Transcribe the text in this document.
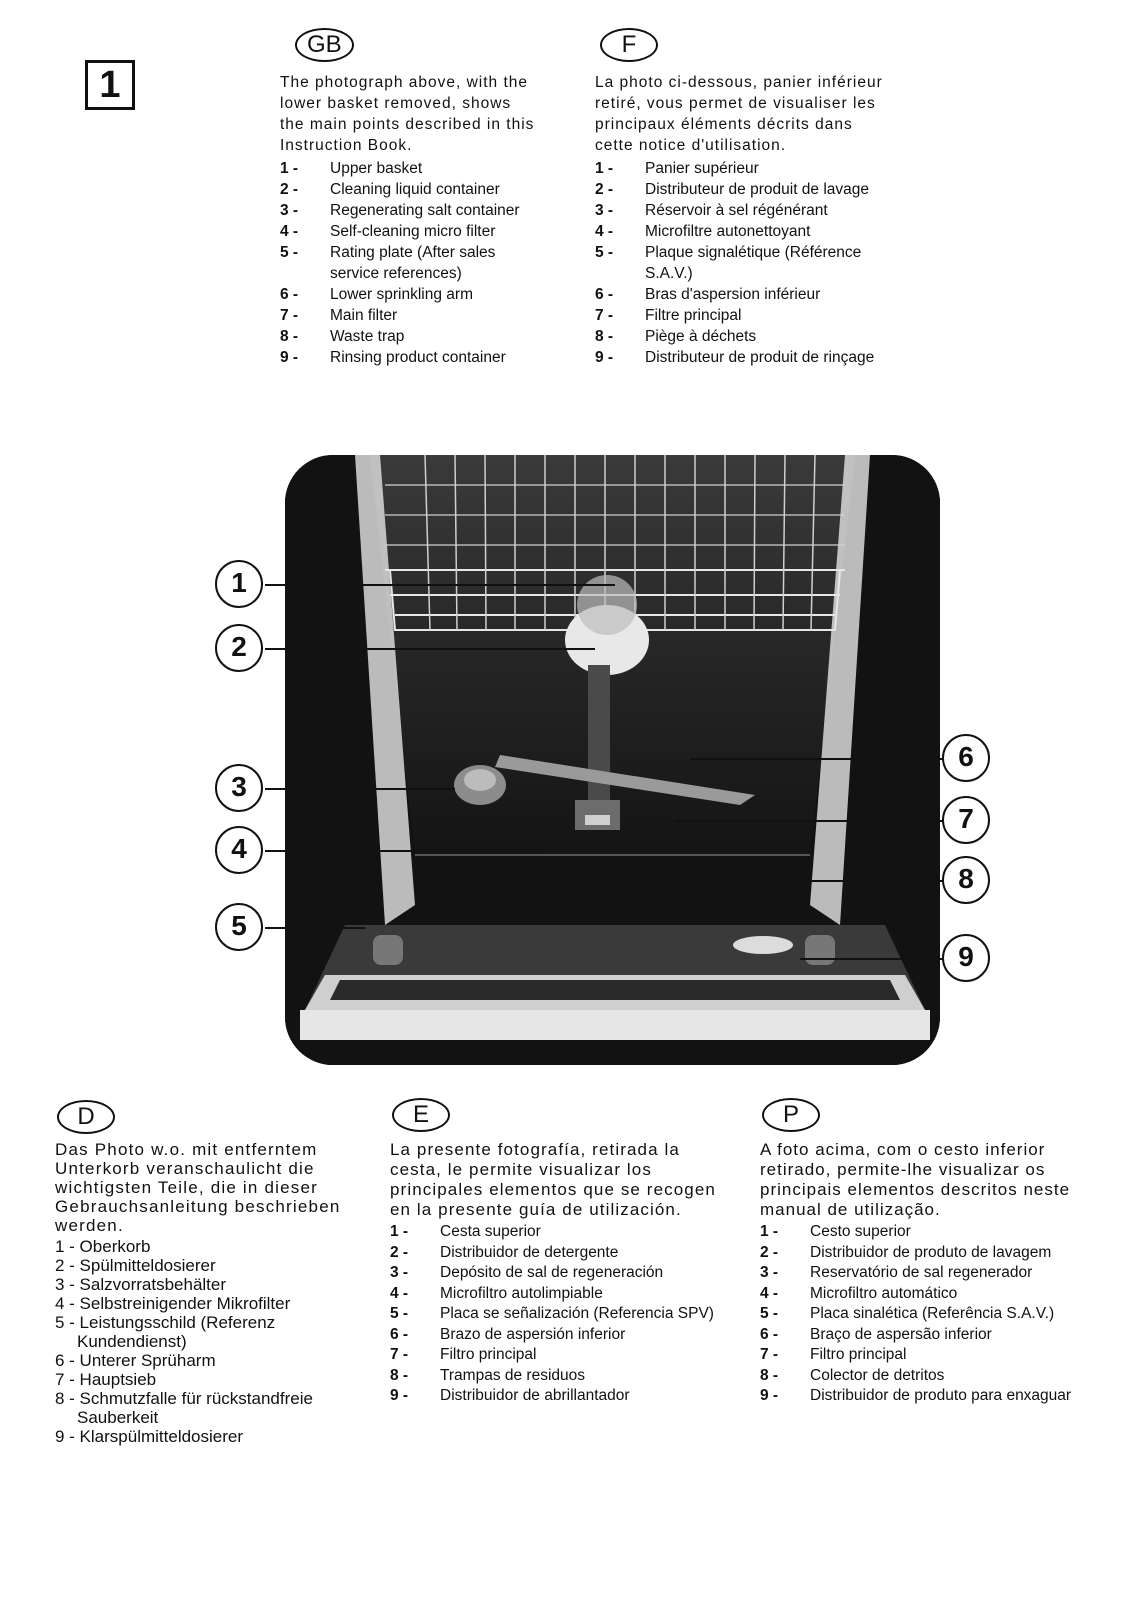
1
GB

The photograph above, with the lower basket removed, shows the main points described in this Instruction Book.

1 -	Upper basket
2 -	Cleaning liquid container
3 -	Regenerating salt container
4 -	Self-cleaning micro filter
5 -	Rating plate (After sales service references)
6 -	Lower sprinkling arm
7 -	Main filter
8 -	Waste trap
9 -	Rinsing product container
F

La photo ci-dessous, panier inférieur retiré, vous permet de visualiser les principaux éléments décrits dans cette notice d'utilisation.

1 -	Panier supérieur
2 -	Distributeur de produit de lavage
3 -	Réservoir à sel régénérant
4 -	Microfiltre autonettoyant
5 -	Plaque signalétique (Référence S.A.V.)
6 -	Bras d'aspersion inférieur
7 -	Filtre principal
8 -	Piège à déchets
9 -	Distributeur de produit de rinçage
1
2
3
4
5
6
7
8
9
D

Das Photo w.o. mit entferntem Unterkorb veranschaulicht die wichtigsten Teile, die in dieser Gebrauchsanleitung beschrieben werden.

1 - Oberkorb
2 - Spülmitteldosierer
3 - Salzvorratsbehälter
4 - Selbstreinigender Mikrofilter
5 - Leistungsschild (Referenz
Kundendienst)
6 - Unterer Sprüharm
7 - Hauptsieb
8 - Schmutzfalle für rückstandfreie
Sauberkeit
9 - Klarspülmitteldosierer
E

La presente fotografía, retirada la cesta, le permite visualizar los principales elementos que se recogen en la presente guía de utilización.

1 -	Cesta superior
2 -	Distribuidor de detergente
3 -	Depósito de sal de regeneración
4 -	Microfiltro autolimpiable
5 -	Placa se señalización (Referencia SPV)
6 -	Brazo de aspersión inferior
7 -	Filtro principal
8 -	Trampas de residuos
9 -	Distribuidor de abrillantador
P

A foto acima, com o cesto inferior retirado, permite-lhe visualizar os principais elementos descritos neste manual de utilização.

1 -	Cesto superior
2 -	Distribuidor de produto de lavagem
3 -	Reservatório de sal regenerador
4 -	Microfiltro automático
5 -	Placa sinalética (Referência S.A.V.)
6 -	Braço de aspersão inferior
7 -	Filtro principal
8 -	Colector de detritos
9 -	Distribuidor de produto para enxaguar
